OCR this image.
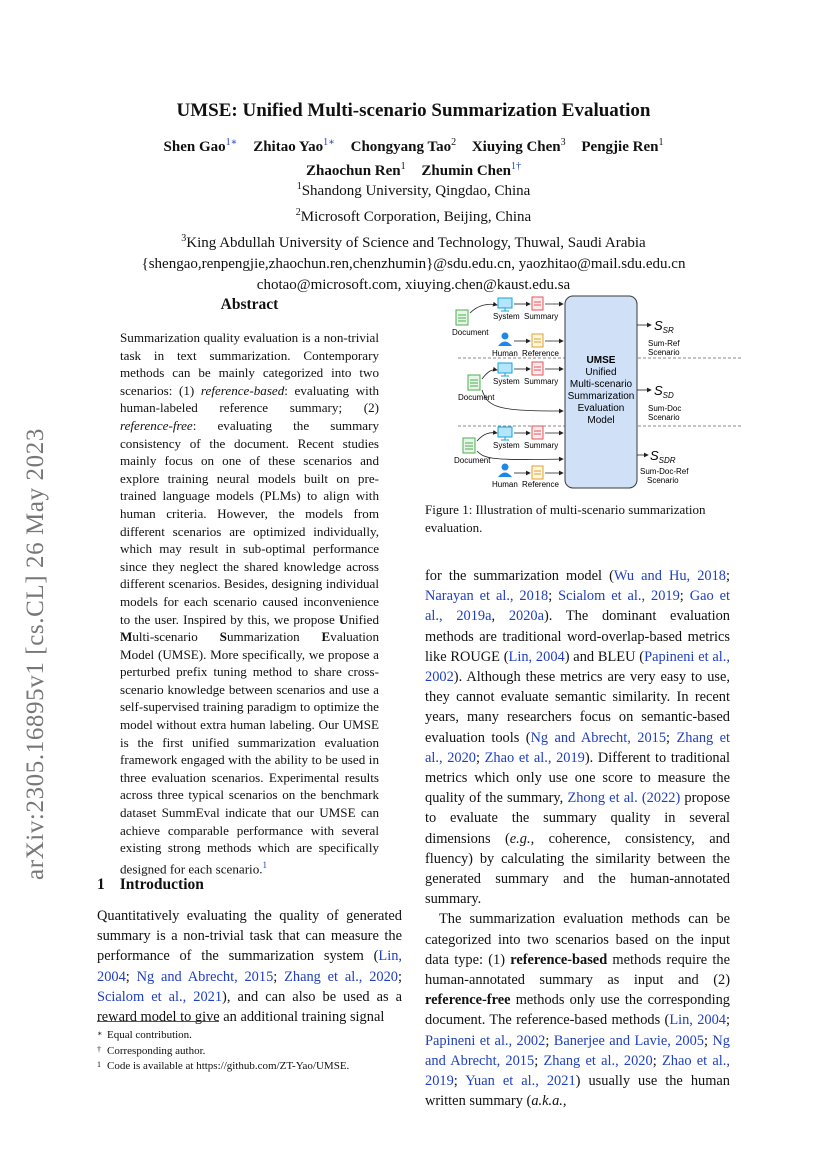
arXiv:2305.16895v1 [cs.CL] 26 May 2023
UMSE: Unified Multi-scenario Summarization Evaluation
Shen Gao$^{1∗}$ Zhitao Yao$^{1∗}$ Chongyang Tao$^2$ Xiuying Chen$^3$ Pengjie Ren$^1$
Zhaochun Ren$^1$ Zhumin Chen$^{1\dagger}$
$^1$Shandong University, Qingdao, China
$^2$Microsoft Corporation, Beijing, China
$^3$King Abdullah University of Science and Technology, Thuwal, Saudi Arabia
{shengao,renpengjie,zhaochun.ren,chenzhumin}@sdu.edu.cn, yaozhitao@mail.sdu.edu.cn
chotao@microsoft.com, xiuying.chen@kaust.edu.sa
Abstract
Summarization quality evaluation is a non-trivial task in text summarization. Contemporary methods can be mainly categorized into two scenarios: (1) reference-based: evaluating with human-labeled reference summary; (2) reference-free: evaluating the summary consistency of the document. Recent studies mainly focus on one of these scenarios and explore training neural models built on pre-trained language models (PLMs) to align with human criteria. However, the models from different scenarios are optimized individually, which may result in sub-optimal performance since they neglect the shared knowledge across different scenarios. Besides, designing individual models for each scenario caused inconvenience to the user. Inspired by this, we propose Unified Multi-scenario Summarization Evaluation Model (UMSE). More specifically, we propose a perturbed prefix tuning method to share cross-scenario knowledge between scenarios and use a self-supervised training paradigm to optimize the model without extra human labeling. Our UMSE is the first unified summarization evaluation framework engaged with the ability to be used in three evaluation scenarios. Experimental results across three typical scenarios on the benchmark dataset SummEval indicate that our UMSE can achieve comparable performance with several existing strong methods which are specifically designed for each scenario.$^1$
1 Introduction
Quantitatively evaluating the quality of generated summary is a non-trivial task that can measure the performance of the summarization system (Lin, 2004; Ng and Abrecht, 2015; Zhang et al., 2020; Scialom et al., 2021), and can also be used as a reward model to give an additional training signal
∗ Equal contribution.
† Corresponding author.
1 Code is available at https://github.com/ZT-Yao/UMSE.
UMSE
Unified
Multi-scenario
Summarization
Evaluation
Model
Document
System Summary
Human Reference
Document
System Summary
Document
System Summary
Human Reference
$S_{SR}$
Sum-Ref
Scenario
$S_{SD}$
Sum-Doc
Scenario
$S_{SDR}$
Sum-Doc-Ref
Scenario
Figure 1: Illustration of multi-scenario summarization evaluation.

for the summarization model (Wu and Hu, 2018; Narayan et al., 2018; Scialom et al., 2019; Gao et al., 2019a, 2020a). The dominant evaluation methods are traditional word-overlap-based metrics like ROUGE (Lin, 2004) and BLEU (Papineni et al., 2002). Although these metrics are very easy to use, they cannot evaluate semantic similarity. In recent years, many researchers focus on semantic-based evaluation tools (Ng and Abrecht, 2015; Zhang et al., 2020; Zhao et al., 2019). Different to traditional metrics which only use one score to measure the quality of the summary, Zhong et al. (2022) propose to evaluate the summary quality in several dimensions (e.g., coherence, consistency, and fluency) by calculating the similarity between the generated summary and the human-annotated summary.

The summarization evaluation methods can be categorized into two scenarios based on the input data type: (1) reference-based methods require the human-annotated summary as input and (2) reference-free methods only use the corresponding document. The reference-based methods (Lin, 2004; Papineni et al., 2002; Banerjee and Lavie, 2005; Ng and Abrecht, 2015; Zhang et al., 2020; Zhao et al., 2019; Yuan et al., 2021) usually use the human written summary (a.k.a.,
